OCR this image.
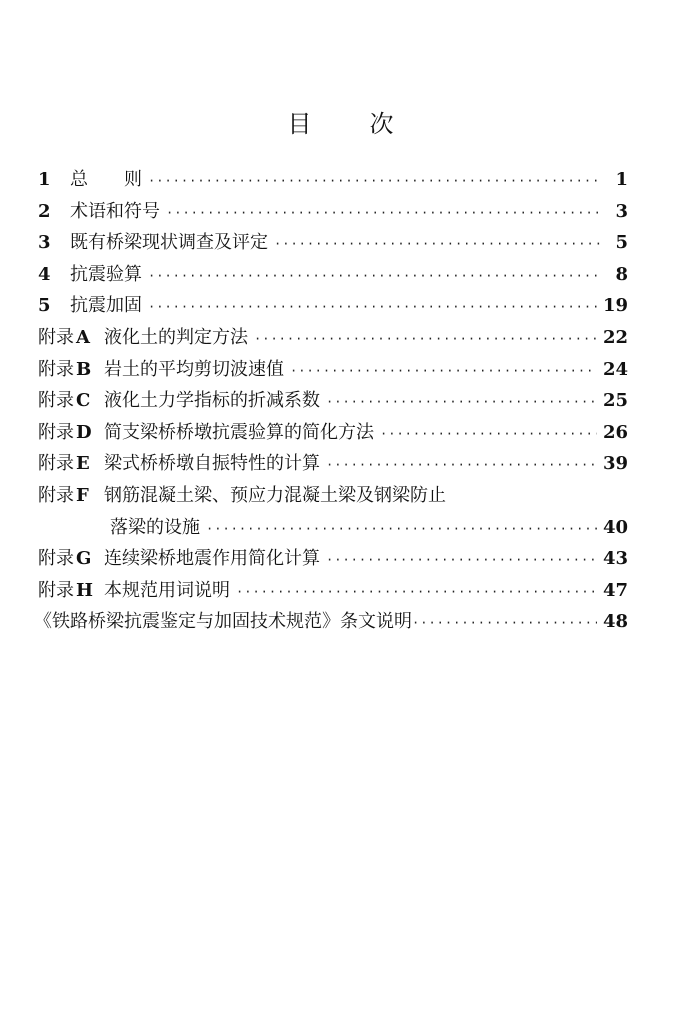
目 次
1 总　　则 ·····	1
2 术语和符号 ·····	3
3 既有桥梁现状调查及评定 ·····	5
4 抗震验算 ·····	8
5 抗震加固 ·····	19
附录 A 液化土的判定方法 ·····	22
附录 B 岩土的平均剪切波速值 ·····	24
附录 C 液化土力学指标的折减系数 ·····	25
附录 D 简支梁桥桥墩抗震验算的简化方法 ·····	26
附录 E 梁式桥桥墩自振特性的计算 ·····	39
附录 F 钢筋混凝土梁、预应力混凝土梁及钢梁防止
落梁的设施 ·····	40
附录 G 连续梁桥地震作用简化计算 ·····	43
附录 H 本规范用词说明 ·····	47
《铁路桥梁抗震鉴定与加固技术规范》条文说明 ·····	48
